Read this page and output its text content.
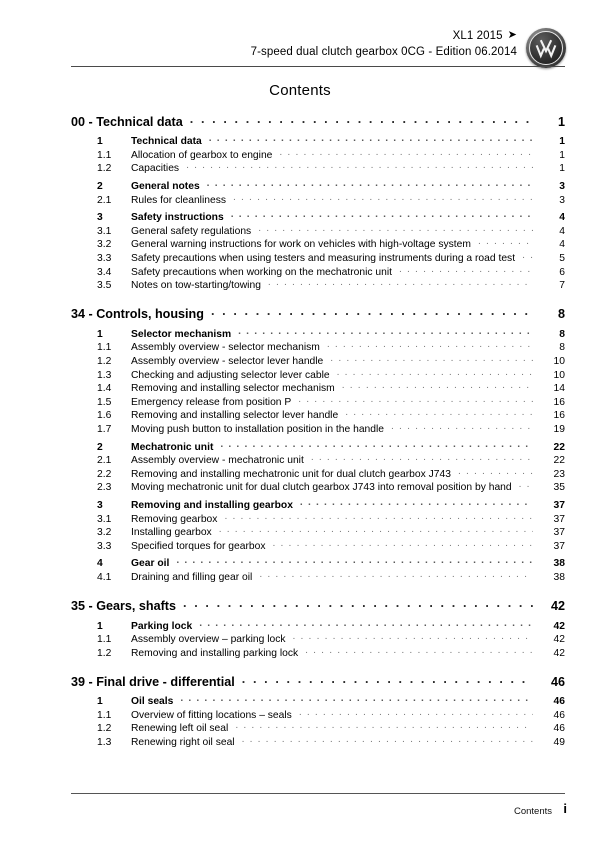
XL1 2015 ➤
7-speed dual clutch gearbox 0CG - Edition 06.2014
Contents
00 - Technical data . . .	1
1	Technical data . . .	1
1.1	Allocation of gearbox to engine . . .	1
1.2	Capacities . . .	1
2	General notes . . .	3
2.1	Rules for cleanliness . . .	3
3	Safety instructions . . .	4
3.1	General safety regulations . . .	4
3.2	General warning instructions for work on vehicles with high-voltage system . . .	4
3.3	Safety precautions when using testers and measuring instruments during a road test . . .	5
3.4	Safety precautions when working on the mechatronic unit . . .	6
3.5	Notes on tow-starting/towing . . .	7
34 - Controls, housing . . .	8
1	Selector mechanism . . .	8
1.1	Assembly overview - selector mechanism . . .	8
1.2	Assembly overview - selector lever handle . . .	10
1.3	Checking and adjusting selector lever cable . . .	10
1.4	Removing and installing selector mechanism . . .	14
1.5	Emergency release from position P . . .	16
1.6	Removing and installing selector lever handle . . .	16
1.7	Moving push button to installation position in the handle . . .	19
2	Mechatronic unit . . .	22
2.1	Assembly overview - mechatronic unit . . .	22
2.2	Removing and installing mechatronic unit for dual clutch gearbox J743 . . .	23
2.3	Moving mechatronic unit for dual clutch gearbox J743 into removal position by hand . . .	35
3	Removing and installing gearbox . . .	37
3.1	Removing gearbox . . .	37
3.2	Installing gearbox . . .	37
3.3	Specified torques for gearbox . . .	37
4	Gear oil . . .	38
4.1	Draining and filling gear oil . . .	38
35 - Gears, shafts . . .	42
1	Parking lock . . .	42
1.1	Assembly overview – parking lock . . .	42
1.2	Removing and installing parking lock . . .	42
39 - Final drive - differential . . .	46
1	Oil seals . . .	46
1.1	Overview of fitting locations – seals . . .	46
1.2	Renewing left oil seal . . .	46
1.3	Renewing right oil seal . . .	49
Contents i
